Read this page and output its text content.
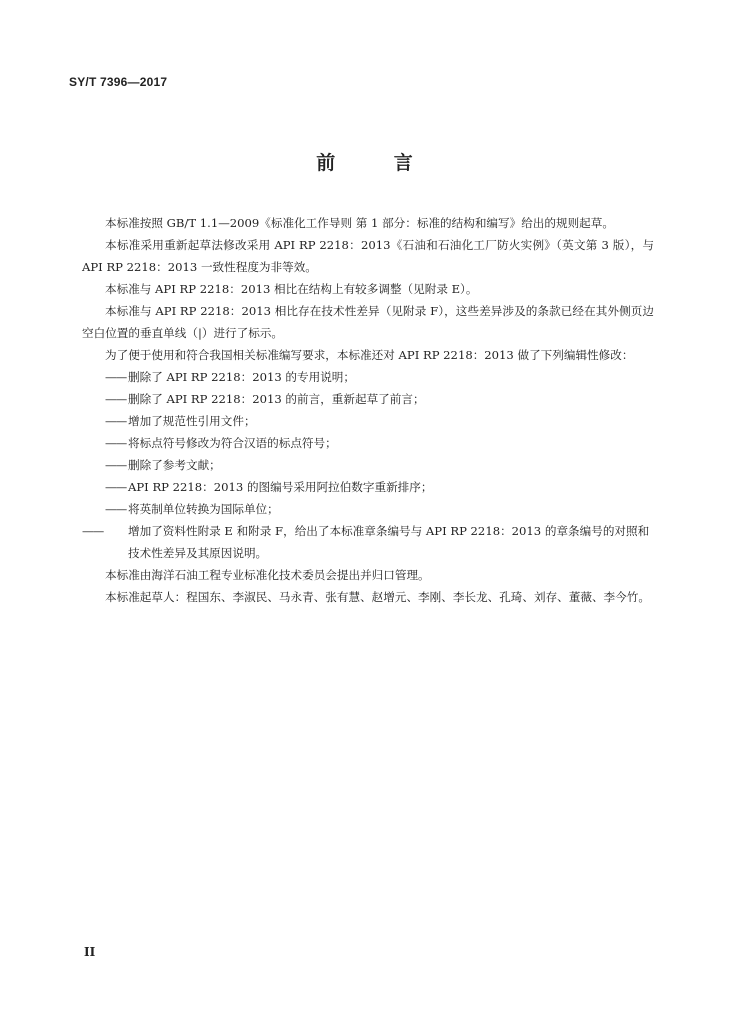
SY/T 7396—2017
前 言

本标准按照 GB/T 1.1—2009《标准化工作导则 第 1 部分：标准的结构和编写》给出的规则起草。

本标准采用重新起草法修改采用 API RP 2218：2013《石油和石油化工厂防火实例》（英文第 3 版），与 API RP 2218：2013 一致性程度为非等效。

本标准与 API RP 2218：2013 相比在结构上有较多调整（见附录 E）。

本标准与 API RP 2218：2013 相比存在技术性差异（见附录 F），这些差异涉及的条款已经在其外侧页边空白位置的垂直单线（|）进行了标示。

为了便于使用和符合我国相关标准编写要求，本标准还对 API RP 2218：2013 做了下列编辑性修改：

—— 删除了 API RP 2218：2013 的专用说明；

—— 删除了 API RP 2218：2013 的前言，重新起草了前言；

—— 增加了规范性引用文件；

—— 将标点符号修改为符合汉语的标点符号；

—— 删除了参考文献；

—— API RP 2218：2013 的图编号采用阿拉伯数字重新排序；

—— 将英制单位转换为国际单位；

—— 增加了资料性附录 E 和附录 F，给出了本标准章条编号与 API RP 2218：2013 的章条编号的对照和技术性差异及其原因说明。

本标准由海洋石油工程专业标准化技术委员会提出并归口管理。

本标准起草人：程国东、李淑民、马永青、张有慧、赵增元、李刚、李长龙、孔琦、刘存、董薇、李今竹。

II
